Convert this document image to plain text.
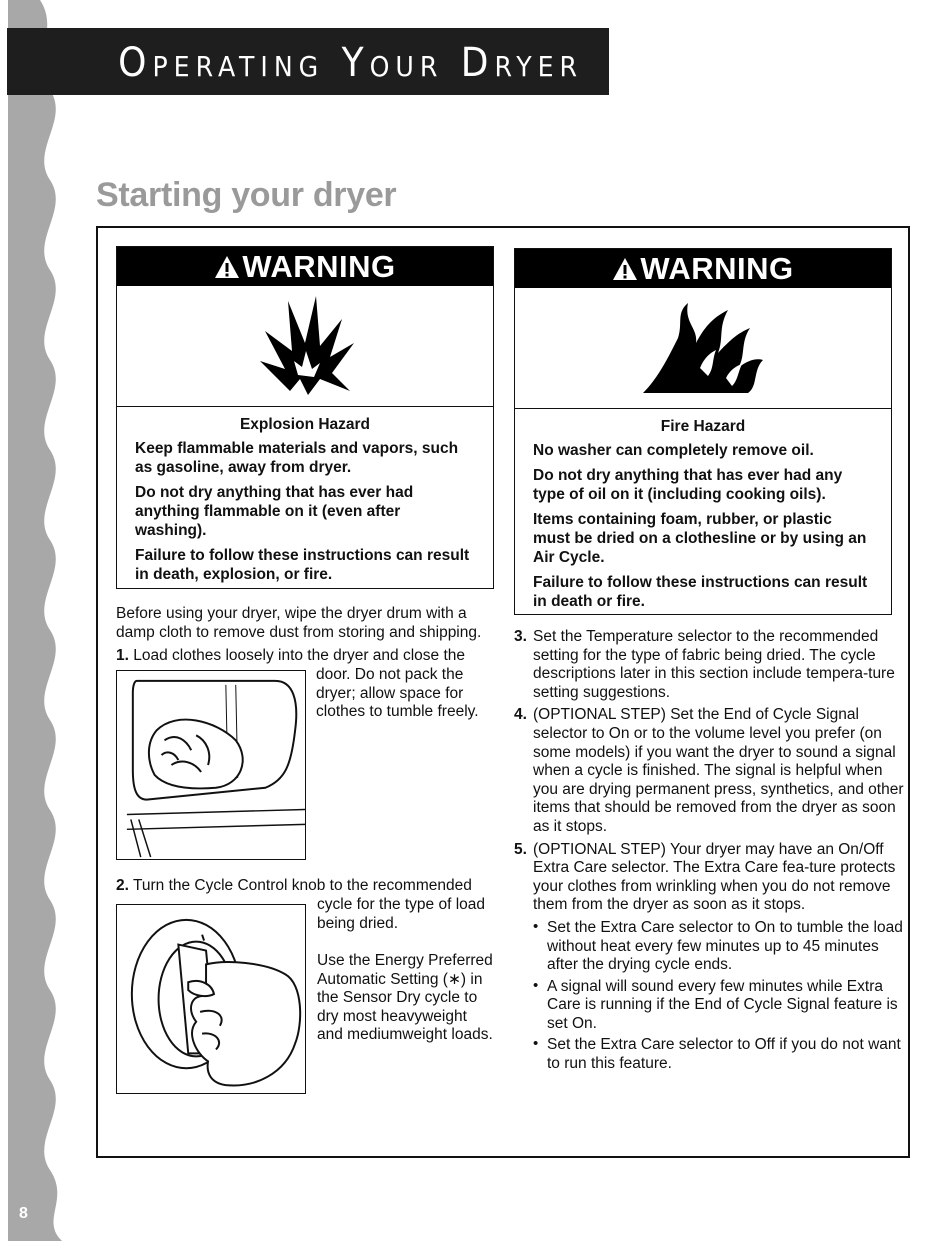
8
Operating Your Dryer
Starting your dryer
WARNING
Explosion Hazard

Keep flammable materials and vapors, such as gasoline, away from dryer.

Do not dry anything that has ever had anything flammable on it (even after washing).

Failure to follow these instructions can result in death, explosion, or fire.

WARNING
Fire Hazard

No washer can completely remove oil.

Do not dry anything that has ever had any type of oil on it (including cooking oils).

Items containing foam, rubber, or plastic must be dried on a clothesline or by using an Air Cycle.

Failure to follow these instructions can result in death or fire.

Before using your dryer, wipe the dryer drum with a damp cloth to remove dust from storing and shipping.
1. Load clothes loosely into the dryer and close the
door. Do not pack the dryer; allow space for clothes to tumble freely.
2. Turn the Cycle Control knob to the recommended
cycle for the type of load being dried.
Use the Energy Preferred Automatic Setting (∗) in the Sensor Dry cycle to dry most heavyweight and mediumweight loads.
3. Set the Temperature selector to the recommended setting for the type of fabric being dried. The cycle descriptions later in this section include tempera-ture setting suggestions.
4. (OPTIONAL STEP) Set the End of Cycle Signal selector to On or to the volume level you prefer (on some models) if you want the dryer to sound a signal when a cycle is finished. The signal is helpful when you are drying permanent press, synthetics, and other items that should be removed from the dryer as soon as it stops.
5. (OPTIONAL STEP) Your dryer may have an On/Off Extra Care selector. The Extra Care fea-ture protects your clothes from wrinkling when you do not remove them from the dryer as soon as it stops.
• Set the Extra Care selector to On to tumble the load without heat every few minutes up to 45 minutes after the drying cycle ends.
• A signal will sound every few minutes while Extra Care is running if the End of Cycle Signal feature is set On.
• Set the Extra Care selector to Off if you do not want to run this feature.
